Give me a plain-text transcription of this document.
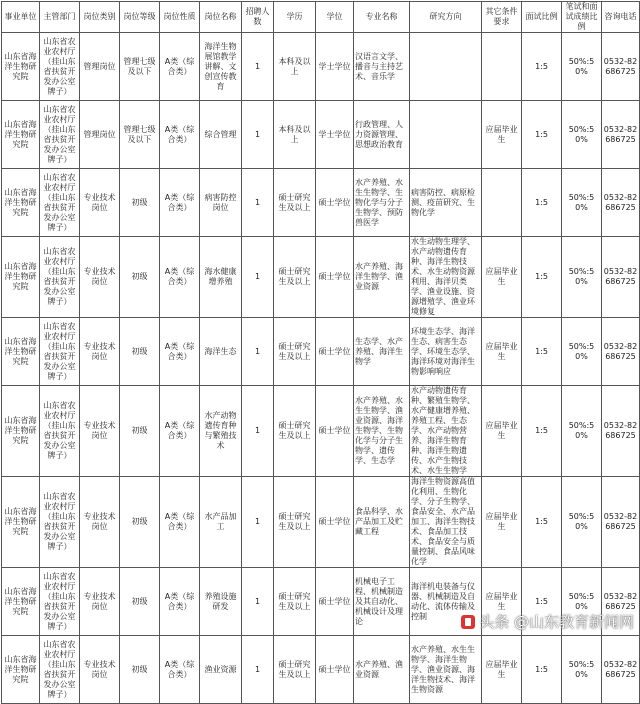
事业单位	主管部门	岗位类别	岗位等级	岗位性质	岗位名称	招聘人数	学历	学位	专业名称	研究方向	其它条件要求	面试比例	笔试和面试成绩比例	咨询电话
山东省海洋生物研究院	山东省农业农村厅（挂山东省扶贫开发办公室牌子）	管理岗位	管理七级及以下	A类（综合类）	海洋生物展馆教学讲解、文创宣传教育	1	本科及以上	学士学位	汉语言文学、播音与主持艺术、音乐学			1:5	50%:50%	0532-82686725
山东省海洋生物研究院	山东省农业农村厅（挂山东省扶贫开发办公室牌子）	管理岗位	管理七级及以下	A类（综合类）	综合管理	1	本科及以上	学士学位	行政管理、人力资源管理、思想政治教育		应届毕业生	1:5	50%:50%	0532-82686725
山东省海洋生物研究院	山东省农业农村厅（挂山东省扶贫开发办公室牌子）	专业技术岗位	初级	A类（综合类）	病害防控岗位	1	硕士研究生及以上	硕士学位	水产养殖、水生生物学、生物化学与分子生物学、预防兽医学	病害防控、病原检测、疫苗研究、生物化学		1:5	50%:50%	0532-82686725
山东省海洋生物研究院	山东省农业农村厅（挂山东省扶贫开发办公室牌子）	专业技术岗位	初级	A类（综合类）	海水健康增养殖	1	硕士研究生及以上	硕士学位	水产养殖、海洋生物学、渔业资源	水生动物生理学、水产动物遗传育种、海洋生物技术、水生动物资源利用、海洋贝类学、渔业设施、资源增殖学、渔业环境修复	应届毕业生	1:5	50%:50%	0532-82686725
山东省海洋生物研究院	山东省农业农村厅（挂山东省扶贫开发办公室牌子）	专业技术岗位	初级	A类（综合类）	海洋生态	1	硕士研究生及以上	硕士学位	生态学、水产养殖、海洋生物学	环境生态学、海洋生态、病害生态学、环境生态学、海洋环境对海洋生物影响响应	应届毕业生	1:5	50%:50%	0532-82686725
山东省海洋生物研究院	山东省农业农村厅（挂山东省扶贫开发办公室牌子）	专业技术岗位	初级	A类（综合类）	水产动物遗传育种与繁殖技术	1	硕士研究生及以上	硕士学位	水产养殖、水生生物学、渔业资源、海洋生物学、生物化学与分子生物学、遗传学、生态学	水产动物遗传育种、繁殖生物学、水产健康增养殖、养殖工程、生态学、水产动物营养、海洋生物育种、海洋生物遗传、水产生物技术、水生生物学	应届毕业生	1:5	50%:50%	0532-82686725
山东省海洋生物研究院	山东省农业农村厅（挂山东省扶贫开发办公室牌子）	专业技术岗位	初级	A类（综合类）	水产品加工	1	硕士研究生及以上	硕士学位	食品科学、水产品加工及贮藏工程	海洋生物资源高值化利用、生物化学、分子生物学、食品安全、水产品加工、海洋生物技术、食品加工技术、食品安全与质量控制、食品风味化学	应届毕业生	1:5	50%:50%	0532-82686725
山东省海洋生物研究院	山东省农业农村厅（挂山东省扶贫开发办公室牌子）	专业技术岗位	初级	A类（综合类）	养殖设施研发	1	硕士研究生及以上	硕士学位	机械电子工程、机械制造及其自动化、机械设计及理论	海洋机电装备与仪器、机械制造及自动化、流体传输及控制	应届毕业生	1:5	50%:50%	0532-82686725
山东省海洋生物研究院	山东省农业农村厅（挂山东省扶贫开发办公室牌子）	专业技术岗位	初级	A类（综合类）	渔业资源	1	硕士研究生及以上	硕士学位	水产养殖、渔业资源	水产养殖、水生生物学、海洋生物学、渔业资源、海洋生物技术、海洋生物资源	应届毕业生	1:5	50%:50%	0532-82686725
头条 @山东教育新闻网
